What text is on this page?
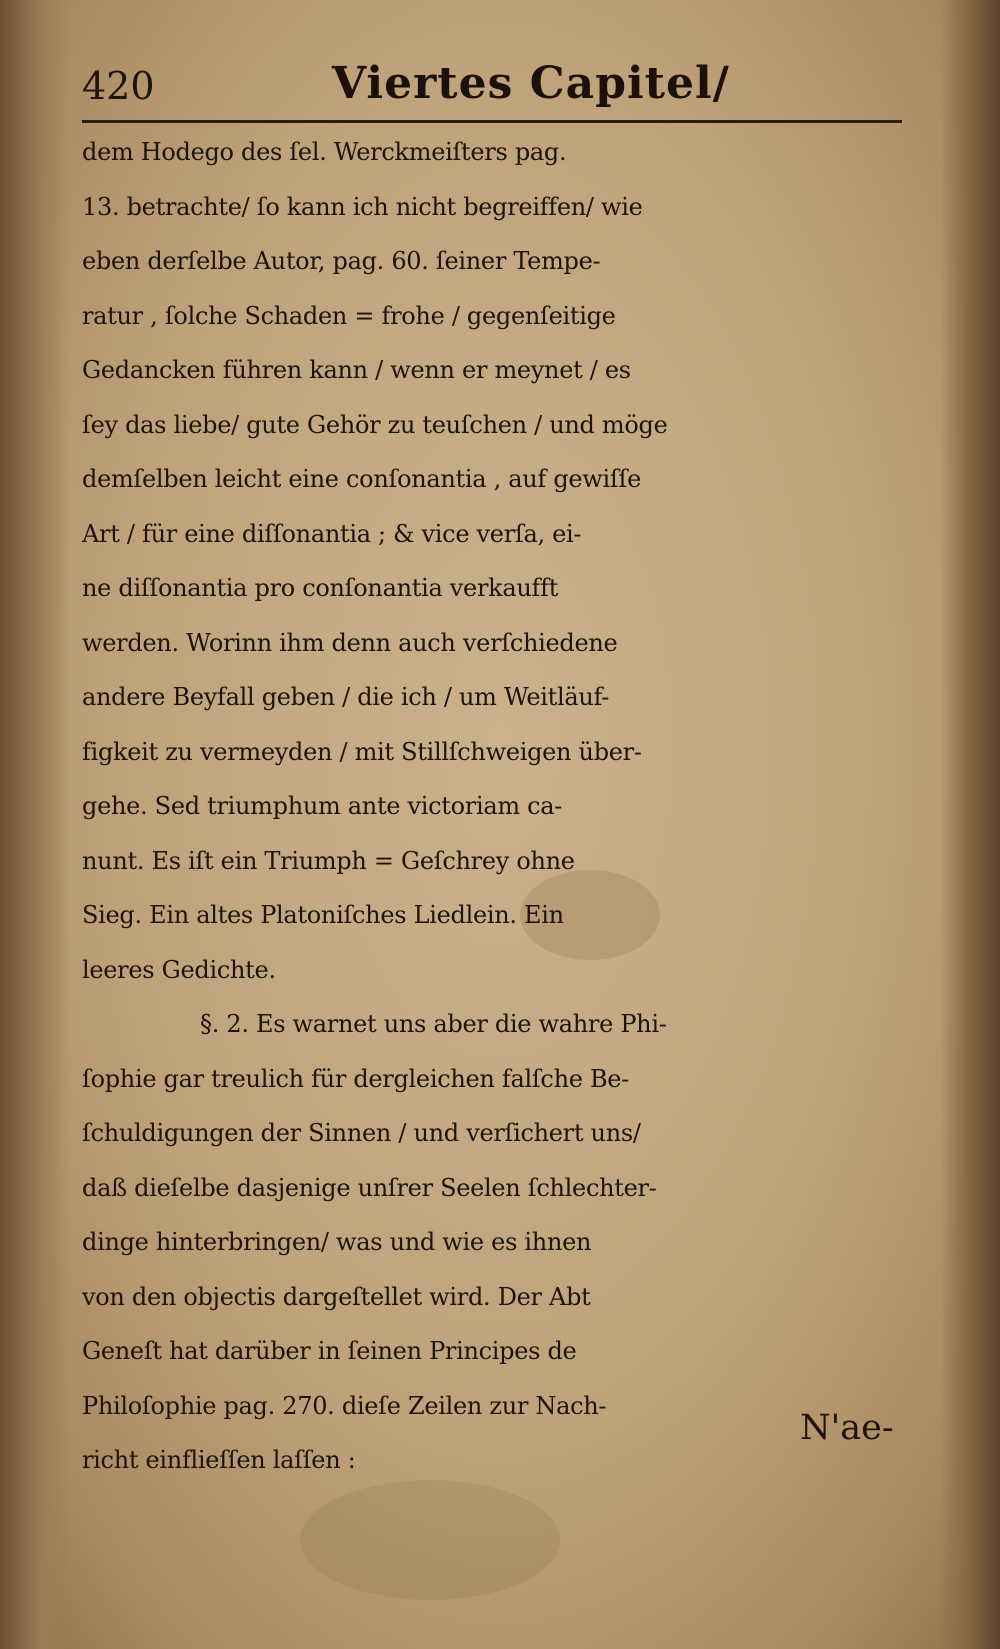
420	Viertes Capitel/
dem Hodego des ſel. Werckmeiſters pag.
13. betrachte/ ſo kann ich nicht begreiffen/ wie
eben derſelbe Autor, pag. 60. ſeiner Tempe-
ratur , ſolche Schaden = frohe / gegenſeitige
Gedancken führen kann / wenn er meynet / es
ſey das liebe/ gute Gehör zu teuſchen / und möge
demſelben leicht eine conſonantia , auf gewiſſe
Art / für eine diſſonantia ; & vice verſa, ei-
ne diſſonantia pro conſonantia verkaufft
werden. Worinn ihm denn auch verſchiedene
andere Beyfall geben / die ich / um Weitläuf-
figkeit zu vermeyden / mit Stillſchweigen über-
gehe. Sed triumphum ante victoriam ca-
nunt. Es iſt ein Triumph = Geſchrey ohne
Sieg. Ein altes Platoniſches Liedlein. Ein
leeres Gedichte.
§. 2. Es warnet uns aber die wahre Phi-
ſophie gar treulich für dergleichen falſche Be-
ſchuldigungen der Sinnen / und verſichert uns/
daß dieſelbe dasjenige unſrer Seelen ſchlechter-
dinge hinterbringen/ was und wie es ihnen
von den objectis dargeſtellet wird. Der Abt
Geneſt hat darüber in ſeinen Principes de
Philoſophie pag. 270. dieſe Zeilen zur Nach-
richt einflieſſen laſſen :
N'ae-
